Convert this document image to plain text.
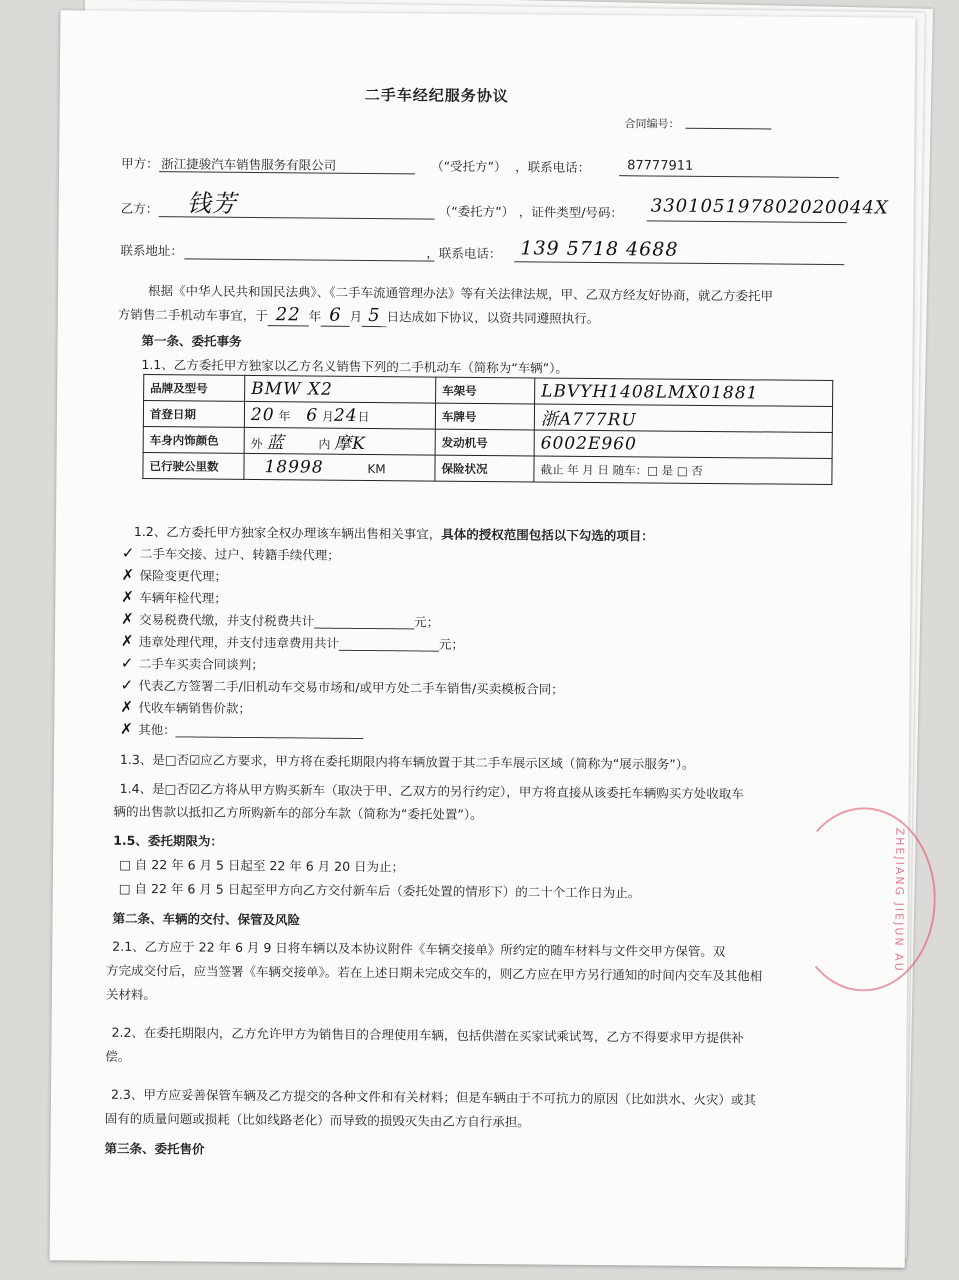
二手车经纪服务协议
合同编号：
甲方： 浙江捷骏汽车销售服务有限公司	（“受托方”） ，联系电话：	87777911
乙方： 钱芳	（“委托方”） ，证件类型/号码： 330105197802020044X
联系地址：	，联系电话： 139 5718 4688
根据《中华人民共和国民法典》、《二手车流通管理办法》等有关法律法规，甲、乙双方经友好协商，就乙方委托甲
方销售二手机动车事宜，于 22 年 6 月 5 日达成如下协议，以资共同遵照执行。
第一条、委托事务
1.1、乙方委托甲方独家以乙方名义销售下列的二手机动车（简称为“车辆”）。
品牌及型号	BMW X2	车架号	LBVYH1408LMX01881
首登日期	20 年 6 月24日	车牌号	浙A777RU
车身内饰颜色	外 蓝 内 摩K	发动机号	6002E960
已行驶公里数	18998 KM	保险状况	截止 年 月 日 随车：□ 是 □ 否
1.2、乙方委托甲方独家全权办理该车辆出售相关事宜，具体的授权范围包括以下勾选的项目：
✓ 二手车交接、过户、转籍手续代理；
✗ 保险变更代理；
✗ 车辆年检代理；
✗ 交易税费代缴，并支付税费共计________________元；
✗ 违章处理代理，并支付违章费用共计________________元；
✓ 二手车买卖合同谈判；
✓ 代表乙方签署二手/旧机动车交易市场和/或甲方处二手车销售/买卖模板合同；
✗ 代收车辆销售价款；
✗ 其他：______________________________
1.3、是□否☑应乙方要求，甲方将在委托期限内将车辆放置于其二手车展示区域（简称为“展示服务”）。
1.4、是□否☑乙方将从甲方购买新车（取决于甲、乙双方的另行约定），甲方将直接从该委托车辆购买方处收取车
辆的出售款以抵扣乙方所购新车的部分车款（简称为“委托处置”）。
1.5、委托期限为：
□ 自 22 年 6 月 5 日起至 22 年 6 月 20 日为止；
□ 自 22 年 6 月 5 日起至甲方向乙方交付新车后（委托处置的情形下）的二十个工作日为止。
第二条、车辆的交付、保管及风险
2.1、乙方应于 22 年 6 月 9 日将车辆以及本协议附件《车辆交接单》所约定的随车材料与文件交甲方保管。双
方完成交付后，应当签署《车辆交接单》。若在上述日期未完成交车的，则乙方应在甲方另行通知的时间内交车及其他相
关材料。
2.2、在委托期限内，乙方允许甲方为销售目的合理使用车辆，包括供潜在买家试乘试驾，乙方不得要求甲方提供补
偿。
2.3、甲方应妥善保管车辆及乙方提交的各种文件和有关材料；但是车辆由于不可抗力的原因（比如洪水、火灾）或其
固有的质量问题或损耗（比如线路老化）而导致的损毁灭失由乙方自行承担。
第三条、委托售价
ZHEJIANG JIEJUN AU
